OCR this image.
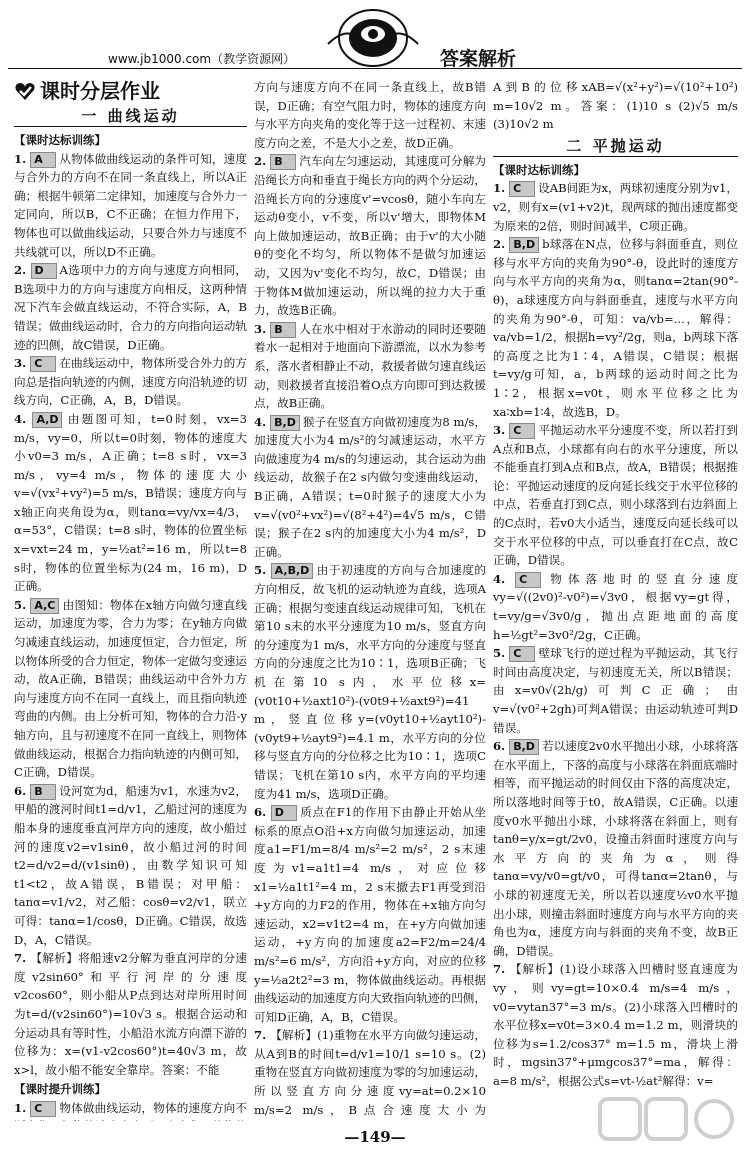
www.jb1000.com（教学资源网）	答案解析
课时分层作业
一 曲线运动
【课时达标训练】

1. A 从物体做曲线运动的条件可知，速度与合外力的方向不在同一条直线上，所以A正确；根据牛顿第二定律知，加速度与合外力一定同向，所以B，C不正确；在恒力作用下，物体也可以做曲线运动，只要合外力与速度不共线就可以，所以D不正确。

2. D A选项中力的方向与速度方向相同，B选项中力的方向与速度方向相反，这两种情况下汽车会做直线运动，不符合实际，A，B错误；做曲线运动时，合力的方向指向运动轨迹的凹侧，故C错误，D正确。

3. C 在曲线运动中，物体所受合外力的方向总是指向轨迹的内侧，速度方向沿轨迹的切线方向，C正确，A，B，D错误。

4. A,D 由题图可知，t=0时刻，vx=3 m/s，vy=0，所以t=0时刻，物体的速度大小v0=3 m/s，A正确；t=8 s时，vx=3 m/s，vy=4 m/s，物体的速度大小v=√(vx²+vy²)=5 m/s，B错误；速度方向与x轴正向夹角设为α，则tanα=vy/vx=4/3，α=53°，C错误；t=8 s时，物体的位置坐标x=vxt=24 m，y=½at²=16 m，所以t=8 s时，物体的位置坐标为(24 m，16 m)，D正确。

5. A,C 由图知：物体在x轴方向做匀速直线运动，加速度为零，合力为零；在y轴方向做匀减速直线运动，加速度恒定，合力恒定，所以物体所受的合力恒定，物体一定做匀变速运动，故A正确，B错误；曲线运动中合外力方向与速度方向不在同一直线上，而且指向轨迹弯曲的内侧。由上分析可知，物体的合力沿-y轴方向，且与初速度不在同一直线上，则物体做曲线运动，根据合力指向轨迹的内侧可知，C正确，D错误。

6. B 设河宽为d，船速为v1，水速为v2，甲船的渡河时间t1=d/v1，乙船过河的速度为船本身的速度垂直河岸方向的速度，故小船过河的速度v2=v1sinθ，故小船过河的时间t2=d/v2=d/(v1sinθ)，由数学知识可知t1<t2，故A错误，B错误；对甲船：tanα=v1/v2，对乙船：cosθ=v2/v1，联立可得：tanα=1/cosθ，D正确。C错误，故选D，A，C错误。

7. 【解析】将船速v2分解为垂直河岸的分速度v2sin60°和平行河岸的分速度v2cos60°，则小船从P点到达对岸所用时间为t=d/(v2sin60°)=10√3 s。根据合运动和分运动具有等时性，小船沿水流方向漂下游的位移为：x=(v1-v2cos60°)t=40√3 m，故x>l，故小船不能安全靠岸。答案：不能

【课时提升训练】

1. C 物体做曲线运动，物体的速度方向不

方向与速度方向不在同一条直线上，故B错误，D正确；有空气阻力时，物体的速度方向与水平方向夹角的变化等于这一过程初、末速度方向之差，不是大小之差，故D正确。

2. B 汽车向左匀速运动，其速度可分解为沿绳长方向和垂直于绳长方向的两个分运动，沿绳长方向的分速度v'=vcosθ，随小车向左运动θ变小，v不变，所以v'增大，即物体M向上做加速运动，故B正确；由于v'的大小随θ的变化不均匀，所以物体不是做匀加速运动，又因为v'变化不均匀，故C，D错误；由于物体M做加速运动，所以绳的拉力大于重力，故选B正确。

3. B 人在水中相对于水游动的同时还要随着水一起相对于地面向下游漂流，以水为参考系，落水者相静止不动，救援者做匀速直线运动，则救援者直接沿着O点方向即可到达救援点，故B正确。

4. B,D 猴子在竖直方向做初速度为8 m/s，加速度大小为4 m/s²的匀减速运动，水平方向做速度为4 m/s的匀速运动，其合运动为曲线运动，故猴子在2 s内做匀变速曲线运动，B正确，A错误；t=0时猴子的速度大小为v=√(v0²+vx²)=√(8²+4²)=4√5 m/s，C错误；猴子在2 s内的加速度大小为4 m/s²，D正确。

5. A,B,D 由于初速度的方向与合加速度的方向相反，故飞机的运动轨迹为直线，选项A正确；根据匀变速直线运动规律可知，飞机在第10 s末的水平分速度为10 m/s，竖直方向的分速度为1 m/s，水平方向的分速度与竖直方向的分速度之比为10∶1，选项B正确；飞机在第10 s内，水平位移x=(v0t10+½axt10²)-(v0t9+½axt9²)=41 m，竖直位移y=(v0yt10+½ayt10²)-(v0yt9+½ayt9²)=4.1 m，水平方向的分位移与竖直方向的分位移之比为10∶1，选项C错误；飞机在第10 s内，水平方向的平均速度为41 m/s，选项D正确。

6. D 质点在F1的作用下由静止开始从坐标系的原点O沿+x方向做匀加速运动，加速度a1=F1/m=8/4 m/s²=2 m/s²，2 s末速度为v1=a1t1=4 m/s，对应位移x1=½a1t1²=4 m，2 s末撤去F1再受到沿+y方向的力F2的作用，物体在+x轴方向匀速运动，x2=v1t2=4 m，在+y方向做加速运动，+y方向的加速度a2=F2/m=24/4 m/s²=6 m/s²，方向沿+y方向，对应的位移y=½a2t2²=3 m，物体做曲线运动。再根据曲线运动的加速度方向大致指向轨迹的凹侧，可知D正确，A，B，C错误。

7. 【解析】(1)重物在水平方向做匀速运动，从A到B的时间t=d/v1=10/1 s=10 s。(2)重物在竖直方向做初速度为零的匀加速运动，所以竖直方向分速度vy=at=0.2×10 m/s=2 m/s，B点合速度大小为

A到B的位移xAB=√(x²+y²)=√(10²+10²) m=10√2 m。答案：(1)10 s (2)√5 m/s (3)10√2 m

二 平抛运动
【课时达标训练】

1. C 设AB间距为x，两球初速度分别为v1，v2，则有x=(v1+v2)t，现两球的抛出速度都变为原来的2倍，则时间减半，C项正确。

2. B,D b球落在N点，位移与斜面垂直，则位移与水平方向的夹角为90°-θ，设此时的速度方向与水平方向的夹角为α，则tanα=2tan(90°-θ)，a球速度方向与斜面垂直，速度与水平方向的夹角为90°-θ，可知：va/vb=...，解得：va/vb=1/2，根据h=vy²/2g，则a，b两球下落的高度之比为1∶4，A错误，C错误；根据t=vy/g可知，a，b两球的运动时间之比为1∶2，根据x=v0t，则水平位移之比为xa∶xb=1∶4，故选B，D。

3. C 平抛运动水平分速度不变，所以若打到A点和B点，小球都有向右的水平分速度，所以不能垂直打到A点和B点，故A，B错误；根据推论：平抛运动速度的反向延长线交于水平位移的中点，若垂直打到C点，则小球落到右边斜面上的C点时，若v0大小适当，速度反向延长线可以交于水平位移的中点，可以垂直打在C点，故C正确，D错误。

4. C 物体落地时的竖直分速度vy=√((2v0)²-v0²)=√3v0，根据vy=gt得，t=vy/g=√3v0/g，抛出点距地面的高度h=½gt²=3v0²/2g，C正确。

5. C 壁球飞行的逆过程为平抛运动，其飞行时间由高度决定，与初速度无关，所以B错误；由x=v0√(2h/g)可判C正确；由v=√(v0²+2gh)可判A错误；由运动轨迹可判D错误。

6. B,D 若以速度2v0水平抛出小球，小球将落在水平面上，下落的高度与小球落在斜面底端时相等，而平抛运动的时间仅由下落的高度决定，所以落地时间等于t0，故A错误，C正确。以速度v0水平抛出小球，小球将落在斜面上，则有tanθ=y/x=gt/2v0，设撞击斜面时速度方向与水平方向的夹角为α，则得tanα=vy/v0=gt/v0，可得tanα=2tanθ，与小球的初速度无关，所以若以速度½v0水平抛出小球，则撞击斜面时速度方向与水平方向的夹角也为α，速度方向与斜面的夹角不变，故B正确，D错误。

7. 【解析】(1)设小球落入凹槽时竖直速度为vy，则vy=gt=10×0.4 m/s=4 m/s，v0=vytan37°=3 m/s。(2)小球落入凹槽时的水平位移x=v0t=3×0.4 m=1.2 m，则滑块的位移为s=1.2/cos37° m=1.5 m，滑块上滑时，mgsin37°+μmgcos37°=ma，解得：a=8 m/s²，根据公式s=vt-½at²解得：v=

—149—
